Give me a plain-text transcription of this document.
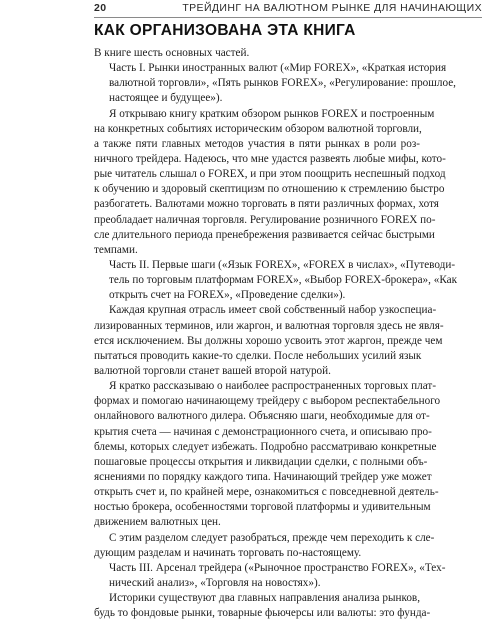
20	ТРЕЙДИНГ НА ВАЛЮТНОМ РЫНКЕ ДЛЯ НАЧИНАЮЩИХ
КАК ОРГАНИЗОВАНА ЭТА КНИГА
В книге шесть основных частей.
Часть I. Рынки иностранных валют («Мир FOREX», «Краткая история
валютной торговли», «Пять рынков FOREX», «Регулирование: прошлое,
настоящее и будущее»).
Я открываю книгу кратким обзором рынков FOREX и построенным
на конкретных событиях историческим обзором валютной торговли,
а также пяти главных методов участия в пяти рынках в роли роз-
ничного трейдера. Надеюсь, что мне удастся развеять любые мифы, кото-
рые читатель слышал о FOREX, и при этом поощрить неспешный подход
к обучению и здоровый скептицизм по отношению к стремлению быстро
разбогатеть. Валютами можно торговать в пяти различных формах, хотя
преобладает наличная торговля. Регулирование розничного FOREX по-
сле длительного периода пренебрежения развивается сейчас быстрыми
темпами.
Часть II. Первые шаги («Язык FOREX», «FOREX в числах», «Путеводи-
тель по торговым платформам FOREX», «Выбор FOREX-брокера», «Как
открыть счет на FOREX», «Проведение сделки»).
Каждая крупная отрасль имеет свой собственный набор узкоспециа-
лизированных терминов, или жаргон, и валютная торговля здесь не явля-
ется исключением. Вы должны хорошо усвоить этот жаргон, прежде чем
пытаться проводить какие-то сделки. После небольших усилий язык
валютной торговли станет вашей второй натурой.
Я кратко рассказываю о наиболее распространенных торговых плат-
формах и помогаю начинающему трейдеру с выбором респектабельного
онлайнового валютного дилера. Объясняю шаги, необходимые для от-
крытия счета — начиная с демонстрационного счета, и описываю про-
блемы, которых следует избежать. Подробно рассматриваю конкретные
пошаговые процессы открытия и ликвидации сделки, с полными объ-
яснениями по порядку каждого типа. Начинающий трейдер уже может
открыть счет и, по крайней мере, ознакомиться с повседневной деятель-
ностью брокера, особенностями торговой платформы и удивительным
движением валютных цен.
С этим разделом следует разобраться, прежде чем переходить к сле-
дующим разделам и начинать торговать по-настоящему.
Часть III. Арсенал трейдера («Рыночное пространство FOREX», «Тех-
нический анализ», «Торговля на новостях»).
Историки существуют два главных направления анализа рынков,
будь то фондовые рынки, товарные фьючерсы или валюты: это фунда-
